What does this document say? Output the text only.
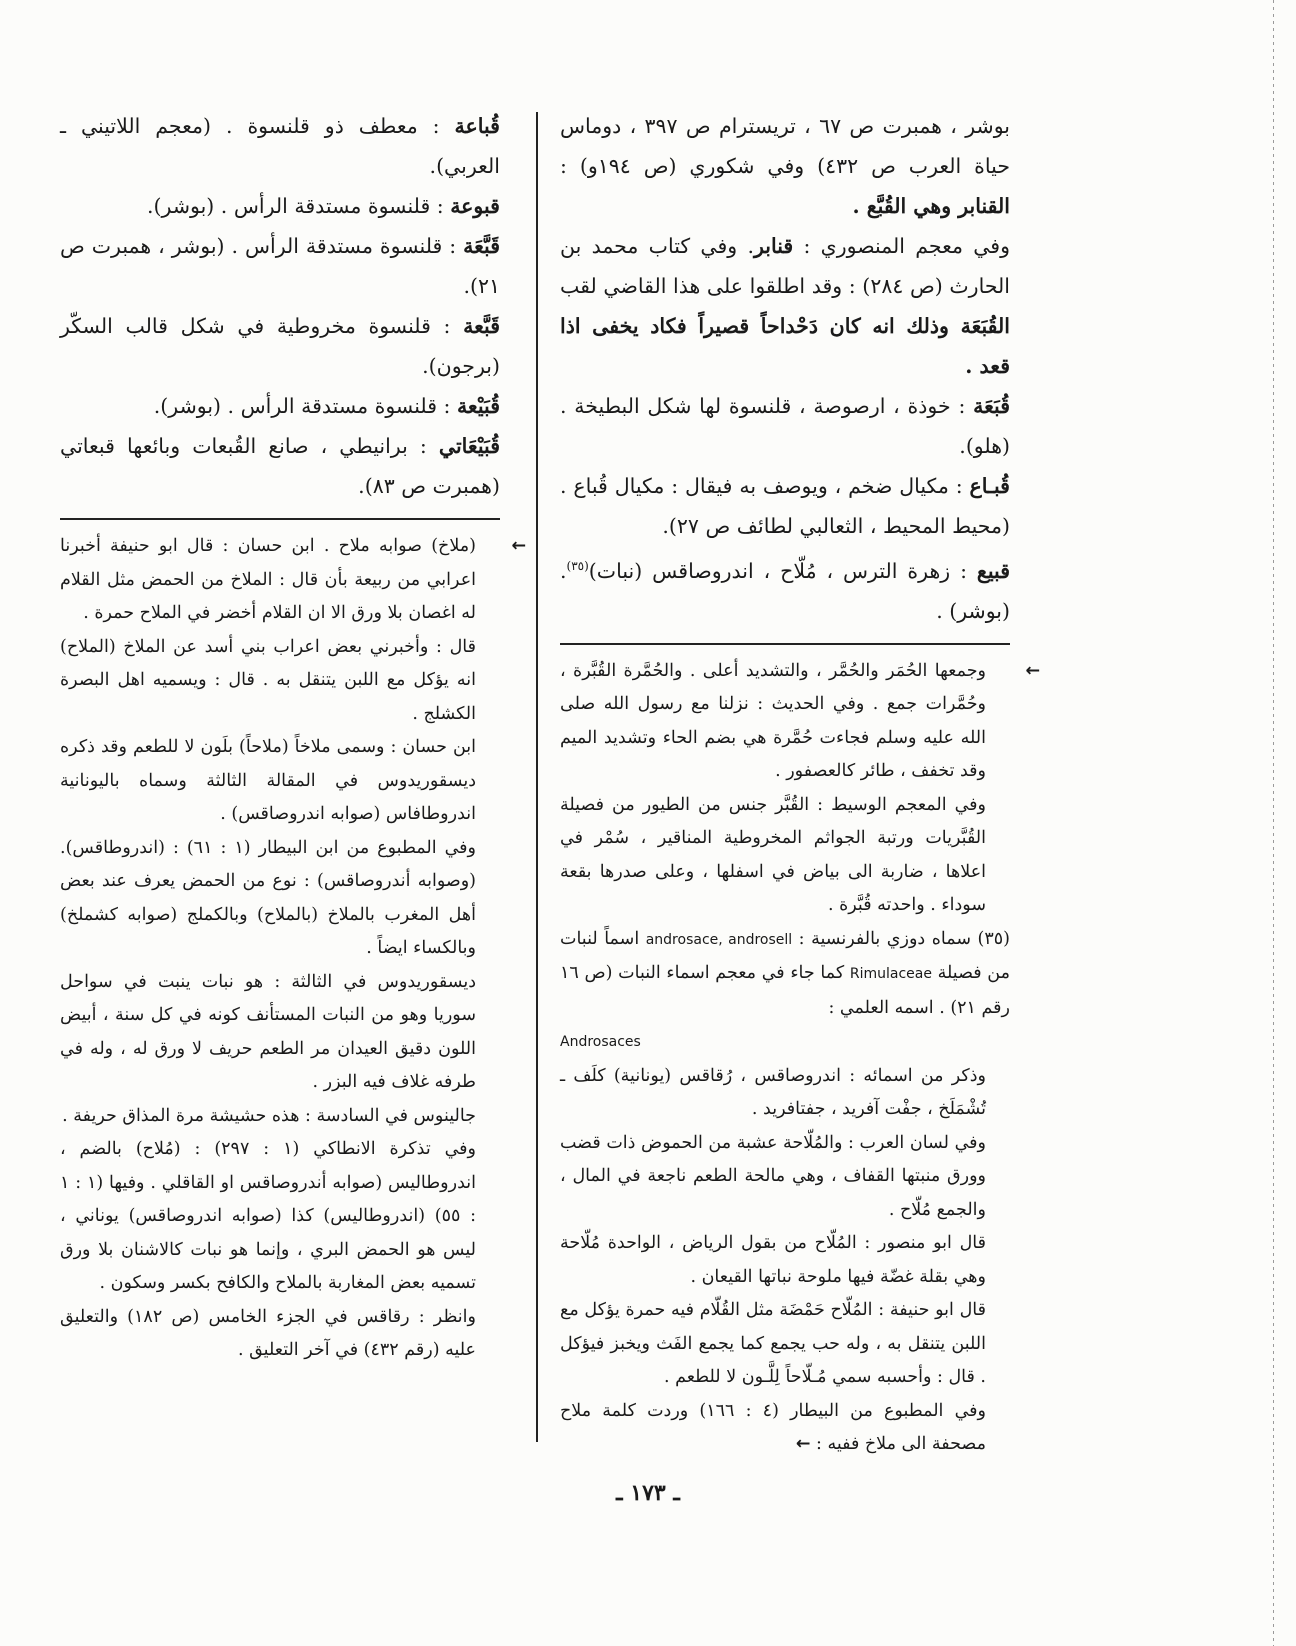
بوشر ، همبرت ص ٦٧ ، تريسترام ص ٣٩٧ ، دوماس حياة العرب ص ٤٣٢) وفي شكوري (ص ١٩٤و) : القنابر وهي القُبَّع .

وفي معجم المنصوري : قنابر. وفي كتاب محمد بن الحارث (ص ٢٨٤) : وقد اطلقوا على هذا القاضي لقب القُبَعَة وذلك انه كان دَحْداحاً قصيراً فكاد يخفى اذا قعد .

قُبَعَة : خوذة ، ارصوصة ، قلنسوة لها شكل البطيخة . (هلو).

قُبـاع : مكيال ضخم ، ويوصف به فيقال : مكيال قُباع . (محيط المحيط ، الثعالبي لطائف ص ٢٧).

قبيع : زهرة الترس ، مُلّاح ، اندروصاقس (نبات)$^{(٣٥)}$. (بوشر) .

←
وجمعها الحُمَر والحُمَّر ، والتشديد أعلى . والحُمَّرة القُبَّرة ، وحُمَّرات جمع . وفي الحديث : نزلنا مع رسول الله صلى الله عليه وسلم فجاءت حُمَّرة هي بضم الحاء وتشديد الميم وقد تخفف ، طائر كالعصفور .

وفي المعجم الوسيط : القُبَّر جنس من الطيور من فصيلة القُبَّريات ورتبة الجواثم المخروطية المناقير ، سُمْر في اعلاها ، ضاربة الى بياض في اسفلها ، وعلى صدرها بقعة سوداء . واحدته قُبَّرة .

(٣٥) سماه دوزي بالفرنسية : androsace, androsell اسماً لنبات من فصيلة Rimulaceae كما جاء في معجم اسماء النبات (ص ١٦ رقم ٢١) . اسمه العلمي :

Androsaces

وذكر من اسمائه : اندروصاقس ، رُقاقس (يونانية) كلَف ـ تُشْمَلَخ ، جفْت آفريد ، جفتافريد .

وفي لسان العرب : والمُلّاحة عشبة من الحموض ذات قضب وورق منبتها القفاف ، وهي مالحة الطعم ناجعة في المال ، والجمع مُلّاح .

قال ابو منصور : المُلّاح من بقول الرياض ، الواحدة مُلّاحة وهي بقلة غضّة فيها ملوحة نباتها القيعان .

قال ابو حنيفة : المُلّاح حَمْضَة مثل القُلّام فيه حمرة يؤكل مع اللبن يتنقل به ، وله حب يجمع كما يجمع الفَث ويخبز فيؤكل . قال : وأحسبه سمي مُـلّاحاً لِلَّـون لا للطعم .

وفي المطبوع من البيطار (٤ : ١٦٦) وردت كلمة ملاح مصحفة الى ملاخ ففيه : ←

قُباعة : معطف ذو قلنسوة . (معجم اللاتيني ـ العربي).

قبوعة : قلنسوة مستدقة الرأس . (بوشر).

قَبَّعَة : قلنسوة مستدقة الرأس . (بوشر ، همبرت ص ٢١).

قَبَّعة : قلنسوة مخروطية في شكل قالب السكّر (برجون).

قُبَيْعة : قلنسوة مستدقة الرأس . (بوشر).

قُبَيْعَاتي : برانيطي ، صانع القُبعات وبائعها قبعاتي (همبرت ص ٨٣).

←
(ملاخ) صوابه ملاح . ابن حسان : قال ابو حنيفة أخبرنا اعرابي من ربيعة بأن قال : الملاخ من الحمض مثل القلام له اغصان بلا ورق الا ان القلام أخضر في الملاح حمرة .

قال : وأخبرني بعض اعراب بني أسد عن الملاخ (الملاح) انه يؤكل مع اللبن يتنقل به . قال : ويسميه اهل البصرة الكشلج .

ابن حسان : وسمى ملاخاً (ملاحاً) بلَون لا للطعم وقد ذكره ديسقوريدوس في المقالة الثالثة وسماه باليونانية اندروطافاس (صوابه اندروصاقس) .

وفي المطبوع من ابن البيطار (١ : ٦١) : (اندروطاقس). (وصوابه أندروصاقس) : نوع من الحمض يعرف عند بعض أهل المغرب بالملاخ (بالملاح) وبالكملج (صوابه كشملخ) وبالكساء ايضاً .

ديسقوريدوس في الثالثة : هو نبات ينبت في سواحل سوريا وهو من النبات المستأنف كونه في كل سنة ، أبيض اللون دقيق العيدان مر الطعم حريف لا ورق له ، وله في طرفه غلاف فيه البزر .

جالينوس في السادسة : هذه حشيشة مرة المذاق حريفة .

وفي تذكرة الانطاكي (١ : ٢٩٧) : (مُلاح) بالضم ، اندروطاليس (صوابه أندروصاقس او القاقلي . وفيها (١ : ١ : ٥٥) (اندروطاليس) كذا (صوابه اندروصاقس) يوناني ، ليس هو الحمض البري ، وإنما هو نبات كالاشنان بلا ورق تسميه بعض المغاربة بالملاح والكافح بكسر وسكون .

وانظر : رقاقس في الجزء الخامس (ص ١٨٢) والتعليق عليه (رقم ٤٣٢) في آخر التعليق .

ـ ١٧٣ ـ
